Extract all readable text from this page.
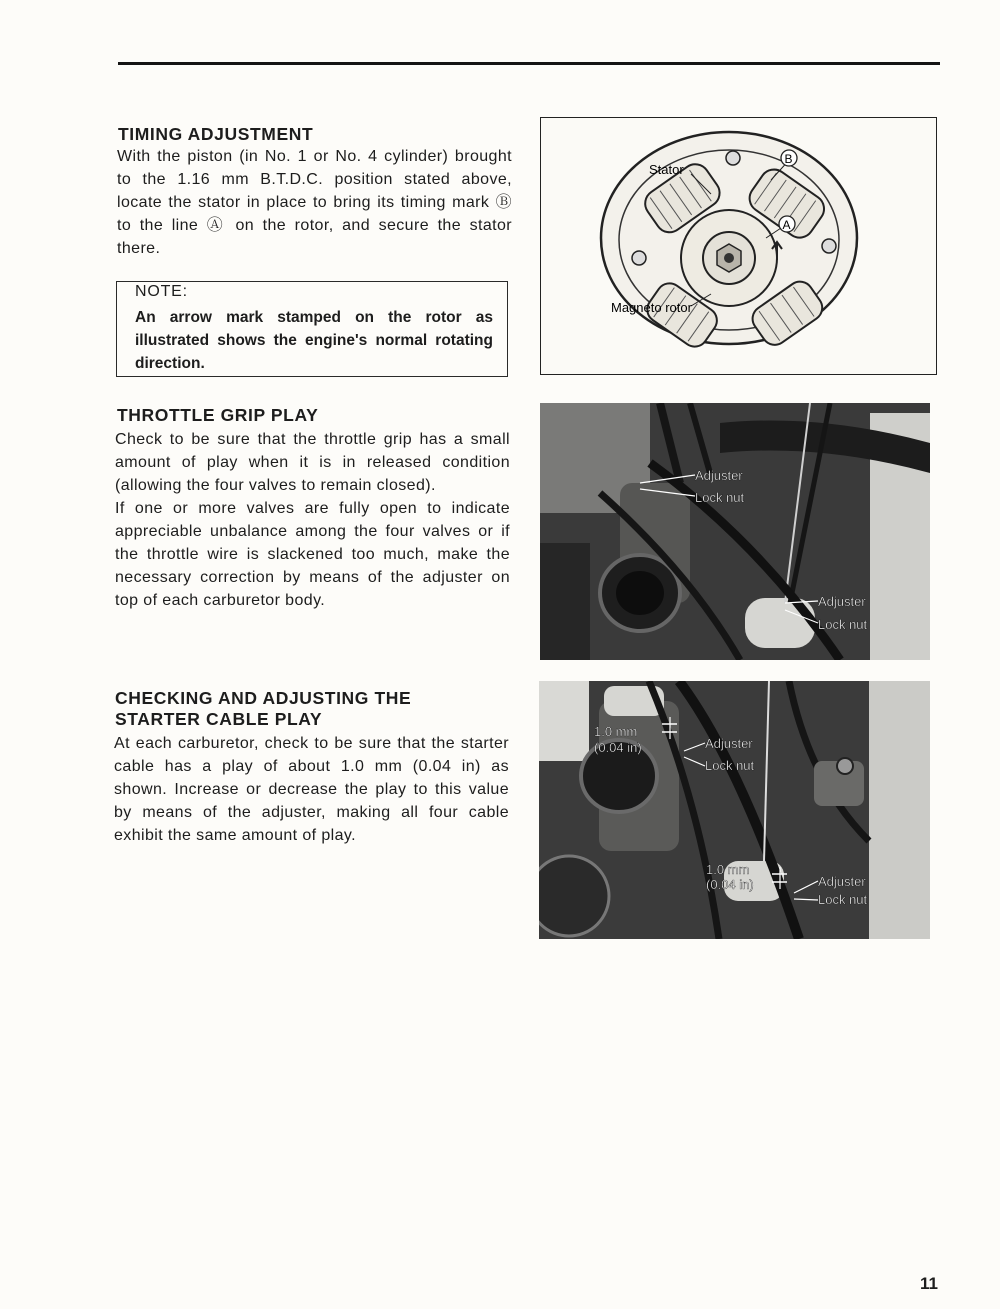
TIMING ADJUSTMENT

With the piston (in No. 1 or No. 4 cylinder) brought to the 1.16 mm B.T.D.C. position stated above, locate the stator in place to bring its timing mark Ⓑ to the line Ⓐ on the rotor, and secure the stator there.

NOTE:
An arrow mark stamped on the rotor as illustrated shows the engine's normal rotating direction.
Stator
Magneto rotor
B
A
THROTTLE GRIP PLAY

Check to be sure that the throttle grip has a small amount of play when it is in released condition (allowing the four valves to remain closed).

If one or more valves are fully open to indicate appreciable unbalance among the four valves or if the throttle wire is slackened too much, make the necessary correction by means of the adjuster on top of each carburetor body.

Adjuster
Lock nut
Adjuster
Lock nut
CHECKING AND ADJUSTING THE
STARTER CABLE PLAY

At each carburetor, check to be sure that the starter cable has a play of about 1.0 mm (0.04 in) as shown. Increase or decrease the play to this value by means of the adjuster, making all four cable exhibit the same amount of play.

1.0 mm
(0.04 in)	Adjuster
Lock nut
1.0 mm
(0.04 in)	Adjuster
Lock nut
11
